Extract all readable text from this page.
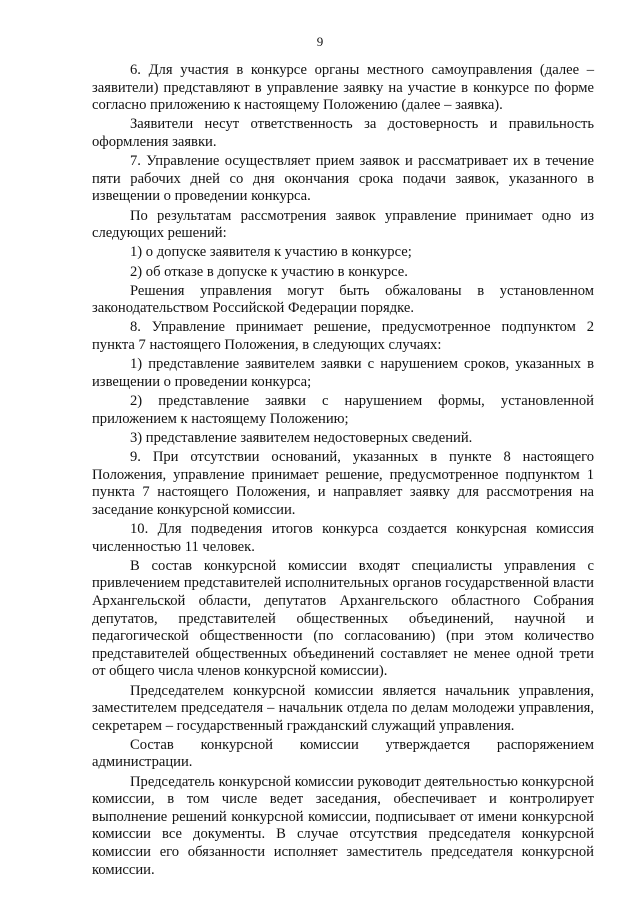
9

6. Для участия в конкурсе органы местного самоуправления (далее – заявители) представляют в управление заявку на участие в конкурсе по форме согласно приложению к настоящему Положению (далее – заявка).

Заявители несут ответственность за достоверность и правильность оформления заявки.

7. Управление осуществляет прием заявок и рассматривает их в течение пяти рабочих дней со дня окончания срока подачи заявок, указанного в извещении о проведении конкурса.

По результатам рассмотрения заявок управление принимает одно из следующих решений:

1) о допуске заявителя к участию в конкурсе;

2) об отказе в допуске к участию в конкурсе.

Решения управления могут быть обжалованы в установленном законодательством Российской Федерации порядке.

8. Управление принимает решение, предусмотренное подпунктом 2 пункта 7 настоящего Положения, в следующих случаях:

1) представление заявителем заявки с нарушением сроков, указанных в извещении о проведении конкурса;

2) представление заявки с нарушением формы, установленной приложением к настоящему Положению;

3) представление заявителем недостоверных сведений.

9. При отсутствии оснований, указанных в пункте 8 настоящего Положения, управление принимает решение, предусмотренное подпунктом 1 пункта 7 настоящего Положения, и направляет заявку для рассмотрения на заседание конкурсной комиссии.

10. Для подведения итогов конкурса создается конкурсная комиссия численностью 11 человек.

В состав конкурсной комиссии входят специалисты управления с привлечением представителей исполнительных органов государственной власти Архангельской области, депутатов Архангельского областного Собрания депутатов, представителей общественных объединений, научной и педагогической общественности (по согласованию) (при этом количество представителей общественных объединений составляет не менее одной трети от общего числа членов конкурсной комиссии).

Председателем конкурсной комиссии является начальник управления, заместителем председателя – начальник отдела по делам молодежи управления, секретарем – государственный гражданский служащий управления.

Состав конкурсной комиссии утверждается распоряжением администрации.

Председатель конкурсной комиссии руководит деятельностью конкурсной комиссии, в том числе ведет заседания, обеспечивает и контролирует выполнение решений конкурсной комиссии, подписывает от имени конкурсной комиссии все документы. В случае отсутствия председателя конкурсной комиссии его обязанности исполняет заместитель председателя конкурсной комиссии.
